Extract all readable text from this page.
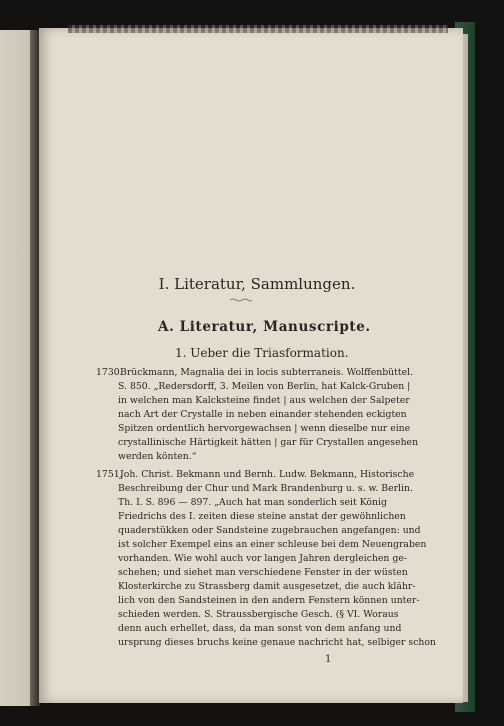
I. Literatur, Sammlungen.
A. Literatur, Manuscripte.
1. Ueber die Triasformation.
1730.
Brückmann, Magnalia dei in locis subterraneis. Wolffenbüttel.
S. 850. „Redersdorff, 3. Meilen von Berlin, hat Kalck-Gruben |
in welchen man Kalcksteine findet | aus welchen der Salpeter
nach Art der Crystalle in neben einander stehenden eckigten
Spitzen ordentlich hervorgewachsen | wenn dieselbe nur eine
crystallinische Härtigkeit hätten | gar für Crystallen angesehen
werden könten.“
1751.
Joh. Christ. Bekmann und Bernh. Ludw. Bekmann, Historische
Beschreibung der Chur und Mark Brandenburg u. s. w. Berlin.
Th. I. S. 896 — 897. „Auch hat man sonderlich seit König
Friedrichs des I. zeiten diese steine anstat der gewöhnlichen
quaderstükken oder Sandsteine zugebrauchen angefangen: und
ist solcher Exempel eins an einer schleuse bei dem Neuengraben
vorhanden. Wie wohl auch vor langen Jahren dergleichen ge-
schehen; und siehet man verschiedene Fenster in der wüsten
Klosterkirche zu Strassberg damit ausgesetzet, die auch klähr-
lich von den Sandsteinen in den andern Fenstern können unter-
schieden werden. S. Straussbergische Gesch. (§ VI. Woraus
denn auch erhellet, dass, da man sonst von dem anfang und
ursprung dieses bruchs keine genaue nachricht hat, selbiger schon
1
